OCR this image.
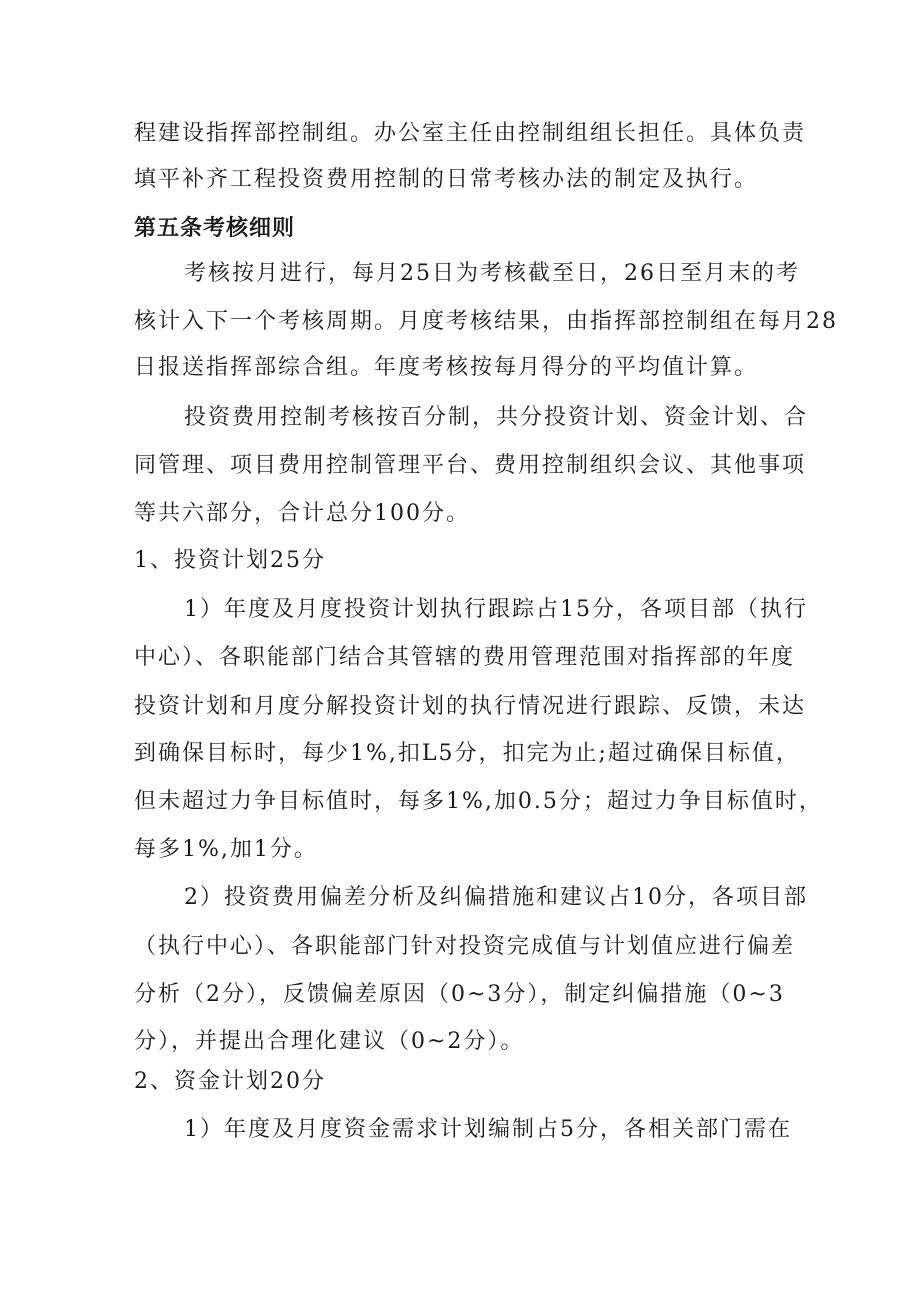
程建设指挥部控制组。办公室主任由控制组组长担任。具体负责
填平补齐工程投资费用控制的日常考核办法的制定及执行。
第五条考核细则
考核按月进行，每月25日为考核截至日，26日至月末的考
核计入下一个考核周期。月度考核结果，由指挥部控制组在每月28
日报送指挥部综合组。年度考核按每月得分的平均值计算。
投资费用控制考核按百分制，共分投资计划、资金计划、合
同管理、项目费用控制管理平台、费用控制组织会议、其他事项
等共六部分，合计总分100分。
1、投资计划25分
1）年度及月度投资计划执行跟踪占15分，各项目部（执行
中心）、各职能部门结合其管辖的费用管理范围对指挥部的年度
投资计划和月度分解投资计划的执行情况进行跟踪、反馈，未达
到确保目标时，每少1%,扣L5分，扣完为止;超过确保目标值，
但未超过力争目标值时，每多1%,加0.5分；超过力争目标值时，
每多1%,加1分。
2）投资费用偏差分析及纠偏措施和建议占10分，各项目部
（执行中心）、各职能部门针对投资完成值与计划值应进行偏差
分析（2分），反馈偏差原因（0~3分），制定纠偏措施（0~3
分），并提出合理化建议（0~2分）。
2、资金计划20分
1）年度及月度资金需求计划编制占5分，各相关部门需在
